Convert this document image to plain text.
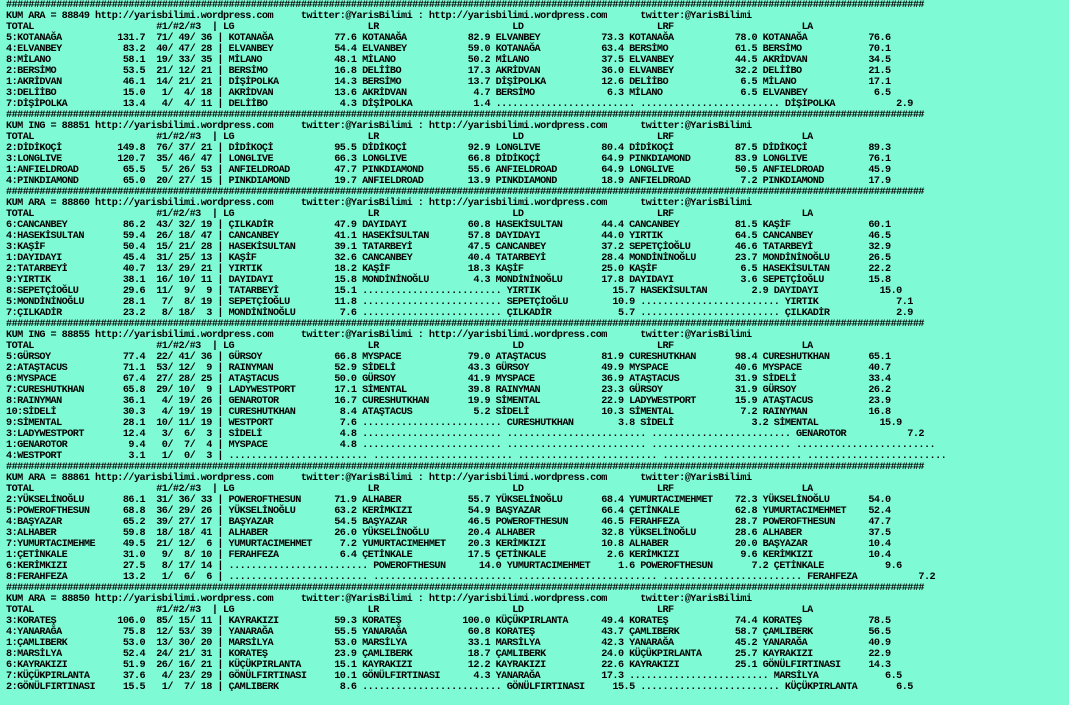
#####################################################################################################################################################################
KUM ARA = 88849 http://yarisbilimi.wordpress.com     twitter:@YarisBilimi : http://yarisbilimi.wordpress.com      twitter:@YarisBilimi
TOTAL                      #1/#2/#3  | LG                        LR                        LD                        LRF                       LA
5:KOTANAĞA          131.7  71/ 49/ 36 | KOTANAĞA           77.6 KOTANAĞA           82.9 ELVANBEY           73.3 KOTANAĞA           78.0 KOTANAĞA           76.6
4:ELVANBEY           83.2  40/ 47/ 28 | ELVANBEY           54.4 ELVANBEY           59.0 KOTANAĞA           63.4 BERSİMO            61.5 BERSİMO            70.1
8:MİLANO             58.1  19/ 33/ 35 | MİLANO             48.1 MİLANO             50.2 MİLANO             37.5 ELVANBEY           44.5 AKRİDVAN           34.5
2:BERSİMO            53.5  21/ 12/ 21 | BERSİMO            16.8 DELİİBO            17.3 AKRİDVAN           36.0 ELVANBEY           32.2 DELİİBO            21.5
1:AKRİDVAN           46.1  14/ 21/ 21 | DİŞİPOLKA          14.3 BERSİMO            13.7 DİŞİPOLKA          12.6 DELİİBO             6.5 MİLANO             17.1
3:DELİİBO            15.0   1/  4/ 18 | AKRİDVAN           13.6 AKRİDVAN            4.7 BERSİMO             6.3 MİLANO              6.5 ELVANBEY            6.5
7:DİŞİPOLKA          13.4   4/  4/ 11 | DELİİBO             4.3 DİŞİPOLKA           1.4 ......................... ......................... DİŞİPOLKA           2.9
#####################################################################################################################################################################
KUM ING = 88851 http://yarisbilimi.wordpress.com     twitter:@YarisBilimi : http://yarisbilimi.wordpress.com      twitter:@YarisBilimi
TOTAL                      #1/#2/#3  | LG                        LR                        LD                        LRF                       LA
2:DİDİKOÇİ          149.8  76/ 37/ 21 | DİDİKOÇİ           95.5 DİDİKOÇİ           92.9 LONGLIVE           80.4 DİDİKOÇİ           87.5 DİDİKOÇİ           89.3
3:LONGLIVE          120.7  35/ 46/ 47 | LONGLIVE           66.3 LONGLIVE           66.8 DİDİKOÇİ           64.9 PINKDIAMOND        83.9 LONGLIVE           76.1
1:ANFIELDROAD        65.5   5/ 26/ 53 | ANFIELDROAD        47.7 PINKDIAMOND        55.6 ANFIELDROAD        64.9 LONGLIVE           50.5 ANFIELDROAD        45.9
4:PINKDIAMOND        65.0  20/ 27/ 15 | PINKDIAMOND        19.7 ANFIELDROAD        13.9 PINKDIAMOND        18.9 ANFIELDROAD         7.2 PINKDIAMOND        17.9
#####################################################################################################################################################################
KUM ARA = 88860 http://yarisbilimi.wordpress.com     twitter:@YarisBilimi : http://yarisbilimi.wordpress.com      twitter:@YarisBilimi
TOTAL                      #1/#2/#3  | LG                        LR                        LD                        LRF                       LA
6:CANCANBEY          86.2  43/ 32/ 19 | ÇILKADİR           47.9 DAYIDAYI           60.8 HASEKİSULTAN       44.4 CANCANBEY          81.5 KAŞİF              60.1
4:HASEKİSULTAN       59.4  26/ 18/ 47 | CANCANBEY          41.1 HASEKİSULTAN       57.8 DAYIDAYI           44.0 YIRTIK             64.5 CANCANBEY          46.5
3:KAŞİF              50.4  15/ 21/ 28 | HASEKİSULTAN       39.1 TATARBEYİ          47.5 CANCANBEY          37.2 SEPETÇİOĞLU        46.6 TATARBEYİ          32.9
1:DAYIDAYI           45.4  31/ 25/ 13 | KAŞİF              32.6 CANCANBEY          40.4 TATARBEYİ          28.4 MONDİNİNOĞLU       23.7 MONDİNİNOĞLU       26.5
2:TATARBEYİ          40.7  13/ 29/ 21 | YIRTIK             18.2 KAŞİF              18.3 KAŞİF              25.0 KAŞİF               6.5 HASEKİSULTAN       22.2
9:YIRTIK             38.1  16/ 10/ 11 | DAYIDAYI           15.8 MONDİNİNOĞLU        4.3 MONDİNİNOĞLU       17.8 DAYIDAYI            3.6 SEPETÇİOĞLU        15.8
8:SEPETÇİOĞLU        29.6  11/  9/  9 | TATARBEYİ          15.1 ......................... YIRTIK             15.7 HASEKİSULTAN        2.9 DAYIDAYI           15.0
5:MONDİNİNOĞLU       28.1   7/  8/ 19 | SEPETÇİOĞLU        11.8 ......................... SEPETÇİOĞLU        10.9 ......................... YIRTIK              7.1
7:ÇILKADİR           23.2   8/ 18/  3 | MONDİNİNOĞLU        7.6 ......................... ÇILKADİR            5.7 ......................... ÇILKADİR            2.9
#####################################################################################################################################################################
KUM ING = 88855 http://yarisbilimi.wordpress.com     twitter:@YarisBilimi : http://yarisbilimi.wordpress.com      twitter:@YarisBilimi
TOTAL                      #1/#2/#3  | LG                        LR                        LD                        LRF                       LA
5:GÜRSOY             77.4  22/ 41/ 36 | GÜRSOY             66.8 MYSPACE            79.0 ATAŞTACUS          81.9 CURESHUTKHAN       98.4 CURESHUTKHAN       65.1
2:ATAŞTACUS          71.1  53/ 12/  9 | RAINYMAN           52.9 SİDELİ             43.3 GÜRSOY             49.9 MYSPACE            40.6 MYSPACE            40.7
6:MYSPACE            67.4  27/ 28/ 25 | ATAŞTACUS          50.0 GÜRSOY             41.9 MYSPACE            36.9 ATAŞTACUS          31.9 SİDELİ             33.4
7:CURESHUTKHAN       65.8  29/ 10/  9 | LADYWESTPORT       17.1 SİMENTAL           39.8 RAINYMAN           23.3 GÜRSOY             31.9 GÜRSOY             26.2
8:RAINYMAN           36.1   4/ 19/ 26 | GENAROTOR          16.7 CURESHUTKHAN       19.9 SİMENTAL           22.9 LADYWESTPORT       15.9 ATAŞTACUS          23.9
10:SİDELİ            30.3   4/ 19/ 19 | CURESHUTKHAN        8.4 ATAŞTACUS           5.2 SİDELİ             10.3 SİMENTAL            7.2 RAINYMAN           16.8
9:SİMENTAL           28.1  10/ 11/ 19 | WESTPORT            7.6 ......................... CURESHUTKHAN        3.8 SİDELİ              3.2 SİMENTAL           15.9
3:LADYWESTPORT       12.4   3/  6/  3 | SİDELİ              4.8 ......................... ......................... ......................... GENAROTOR           7.2
1:GENAROTOR           9.4   0/  7/  4 | MYSPACE             4.8 ......................... ......................... ......................... .........................
4:WESTPORT            3.1   1/  0/  3 | ......................... ......................... ......................... ......................... .........................
#####################################################################################################################################################################
KUM ARA = 88861 http://yarisbilimi.wordpress.com     twitter:@YarisBilimi : http://yarisbilimi.wordpress.com      twitter:@YarisBilimi
TOTAL                      #1/#2/#3  | LG                        LR                        LD                        LRF                       LA
2:YÜKSELİNOĞLU       86.1  31/ 36/ 33 | POWEROFTHESUN      71.9 ALHABER            55.7 YÜKSELİNOĞLU       68.4 YUMURTACIMEHMET    72.3 YÜKSELİNOĞLU       54.0
5:POWEROFTHESUN      68.8  36/ 29/ 26 | YÜKSELİNOĞLU       63.2 KERİMKIZI          54.9 BAŞYAZAR           66.4 ÇETİNKALE          62.8 YUMURTACIMEHMET    52.4
4:BAŞYAZAR           65.2  39/ 27/ 17 | BAŞYAZAR           54.5 BAŞYAZAR           46.5 POWEROFTHESUN      46.5 FERAHFEZA          28.7 POWEROFTHESUN      47.7
3:ALHABER            59.8  18/ 18/ 41 | ALHABER            26.0 YÜKSELİNOĞLU       20.4 ALHABER            32.8 YÜKSELİNOĞLU       28.6 ALHABER            37.5
7:YUMURTACIMEHME     49.5  21/ 12/  6 | YUMURTACIMEHMET     7.2 YUMURTACIMEHMET    20.3 KERİMKIZI          10.8 ALHABER            20.0 BAŞYAZAR           10.4
1:ÇETİNKALE          31.0   9/  8/ 10 | FERAHFEZA           6.4 ÇETİNKALE          17.5 ÇETİNKALE           2.6 KERİMKIZI           9.6 KERİMKIZI          10.4
6:KERİMKIZI          27.5   8/ 17/ 14 | ......................... POWEROFTHESUN      14.0 YUMURTACIMEHMET     1.6 POWEROFTHESUN       7.2 ÇETİNKALE           9.6
8:FERAHFEZA          13.2   1/  6/  6 | ......................... ......................... ......................... ......................... FERAHFEZA           7.2
#####################################################################################################################################################################
KUM ARA = 88850 http://yarisbilimi.wordpress.com     twitter:@YarisBilimi : http://yarisbilimi.wordpress.com      twitter:@YarisBilimi
TOTAL                      #1/#2/#3  | LG                        LR                        LD                        LRF                       LA
3:KORATEŞ           106.0  85/ 15/ 11 | KAYRAKIZI          59.3 KORATEŞ           100.0 KÜÇÜKPIRLANTA      49.4 KORATEŞ            74.4 KORATEŞ            78.5
4:YANARAĞA           75.8  12/ 53/ 39 | YANARAĞA           55.5 YANARAĞA           60.8 KORATEŞ            43.7 ÇAMLIBERK          58.7 ÇAMLIBERK          56.5
1:ÇAMLIBERK          53.0  13/ 30/ 20 | MARSİLYA           53.0 MARSİLYA           33.1 MARSİLYA           42.3 YANARAĞA           45.2 YANARAĞA           40.9
8:MARSİLYA           52.4  24/ 21/ 31 | KORATEŞ            23.9 ÇAMLIBERK          18.7 ÇAMLIBERK          24.0 KÜÇÜKPIRLANTA      25.7 KAYRAKIZI          22.9
6:KAYRAKIZI          51.9  26/ 16/ 21 | KÜÇÜKPIRLANTA      15.1 KAYRAKIZI          12.2 KAYRAKIZI          22.6 KAYRAKIZI          25.1 GÖNÜLFIRTINASI     14.3
7:KÜÇÜKPIRLANTA      37.6   4/ 23/ 29 | GÖNÜLFIRTINASI     10.1 GÖNÜLFIRTINASI      4.3 YANARAĞA           17.3 ......................... MARSİLYA            6.5
2:GÖNÜLFIRTINASI     15.5   1/  7/ 18 | ÇAMLIBERK           8.6 ......................... GÖNÜLFIRTINASI     15.5 ......................... KÜÇÜKPIRLANTA       6.5
